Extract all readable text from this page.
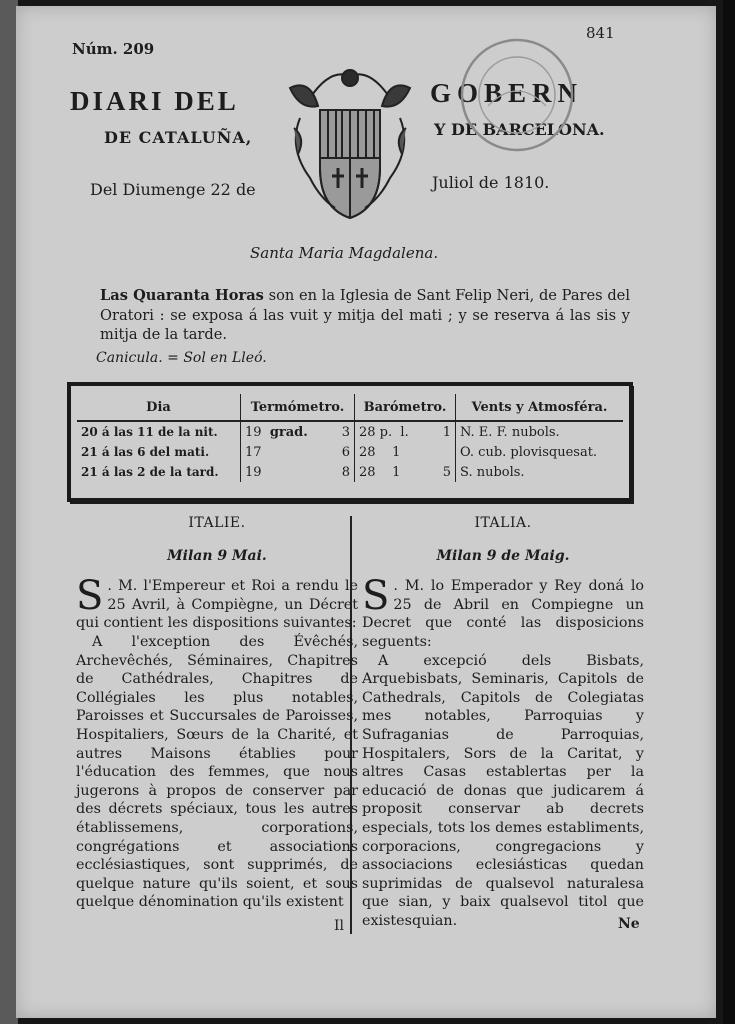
Núm. 209
841
DIARI DEL	GOBERN
DE CATALUÑA,	Y DE BARCELONA.
Del Diumenge 22 de	Juliol de 1810.
Santa Maria Magdalena.

Las Quaranta Horas son en la Iglesia de Sant Felip Neri, de Pares del Oratori : se exposa á las vuit y mitja del mati ; y se reserva á las sis y mitja de la tarde.

Canicula. = Sol en Lleó.
Dia	Termómetro.	Barómetro.	Vents y Atmosféra.
20 á las 11 de la nit.	19 grad. 3	28 p. l. 1	N. E. F. nubols.
21 á las 6 del mati.	17 6	28 1	O. cub. plovisquesat.
21 á las 2 de la tard.	19 8	28 1 5	S. nubols.
ITALIE.
Milan 9 Mai.

S . M. l'Empereur et Roi a rendu le 25 Avril, à Compiègne, un Décret qui contient les dispositions suivantes:

A l'exception des Évêchés, Archevêchés, Séminaires, Chapitres de Cathédrales, Chapitres de Collégiales les plus notables, Paroisses et Succursales de Paroisses, Hospitaliers, Sœurs de la Charité, et autres Maisons établies pour l'éducation des femmes, que nous jugerons à propos de conserver par des décrets spéciaux, tous les autres établissemens, corporations, congrégations et associations ecclésiastiques, sont supprimés, de quelque nature qu'ils soient, et sous quelque dénomination qu'ils existent

ITALIA.
Milan 9 de Maig.

S . M. lo Emperador y Rey doná lo 25 de Abril en Compiegne un Decret que conté las disposicions seguents:

A excepció dels Bisbats, Arquebisbats, Seminaris, Capitols de Cathedrals, Capitols de Colegiatas mes notables, Parroquias y Sufraganias de Parroquias, Hospitalers, Sors de la Caritat, y altres Casas establertas per la educació de donas que judicarem á proposit conservar ab decrets especials, tots los demes establiments, corporacions, congregacions y associacions eclesiásticas quedan suprimidas de qualsevol naturalesa que sian, y baix qualsevol titol que existesquian.

Il	Ne
